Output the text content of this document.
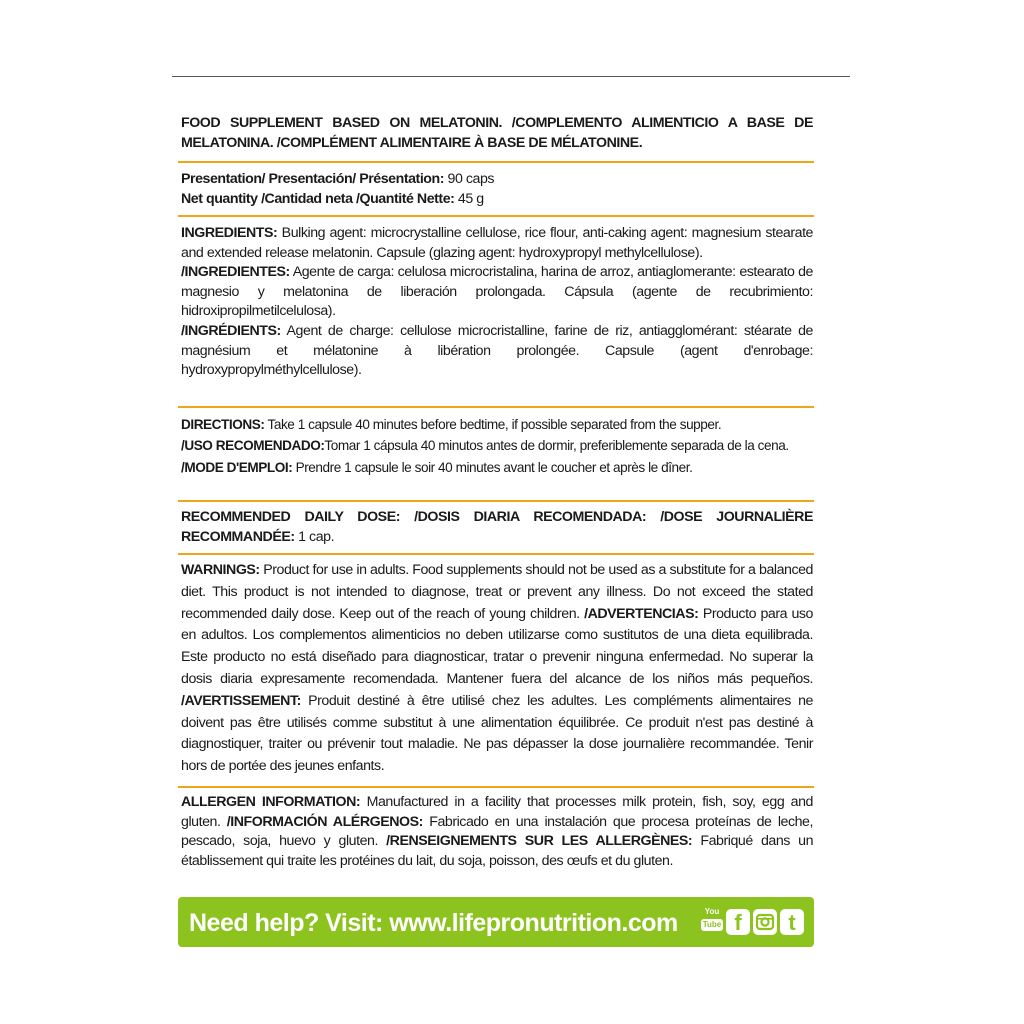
FOOD SUPPLEMENT BASED ON MELATONIN. /COMPLEMENTO ALIMENTICIO A BASE DE MELATONINA. /COMPLÉMENT ALIMENTAIRE À BASE DE MÉLATONINE.
Presentation/ Presentación/ Présentation: 90 caps
Net quantity /Cantidad neta /Quantité Nette: 45 g
INGREDIENTS: Bulking agent: microcrystalline cellulose, rice flour, anti-caking agent: magnesium stearate and extended release melatonin. Capsule (glazing agent: hydroxypropyl methylcellulose).
/INGREDIENTES: Agente de carga: celulosa microcristalina, harina de arroz, antiaglomerante: estearato de magnesio y melatonina de liberación prolongada. Cápsula (agente de recubrimiento: hidroxipropilmetilcelulosa).
/INGRÉDIENTS: Agent de charge: cellulose microcristalline, farine de riz, antiagglomérant: stéarate de magnésium et mélatonine à libération prolongée. Capsule (agent d'enrobage: hydroxypropylméthylcellulose).
DIRECTIONS: Take 1 capsule 40 minutes before bedtime, if possible separated from the supper.
/USO RECOMENDADO:Tomar 1 cápsula 40 minutos antes de dormir, preferiblemente separada de la cena.
/MODE D'EMPLOI: Prendre 1 capsule le soir 40 minutes avant le coucher et après le dîner.
RECOMMENDED DAILY DOSE: /DOSIS DIARIA RECOMENDADA: /DOSE JOURNALIÈRE RECOMMANDÉE: 1 cap.
WARNINGS: Product for use in adults. Food supplements should not be used as a substitute for a balanced diet. This product is not intended to diagnose, treat or prevent any illness. Do not exceed the stated recommended daily dose. Keep out of the reach of young children. /ADVERTENCIAS: Producto para uso en adultos. Los complementos alimenticios no deben utilizarse como sustitutos de una dieta equilibrada. Este producto no está diseñado para diagnosticar, tratar o prevenir ninguna enfermedad. No superar la dosis diaria expresamente recomendada. Mantener fuera del alcance de los niños más pequeños. /AVERTISSEMENT: Produit destiné à être utilisé chez les adultes. Les compléments alimentaires ne doivent pas être utilisés comme substitut à une alimentation équilibrée. Ce produit n'est pas destiné à diagnostiquer, traiter ou prévenir tout maladie. Ne pas dépasser la dose journalière recommandée. Tenir hors de portée des jeunes enfants.
ALLERGEN INFORMATION: Manufactured in a facility that processes milk protein, fish, soy, egg and gluten. /INFORMACIÓN ALÉRGENOS: Fabricado en una instalación que procesa proteínas de leche, pescado, soja, huevo y gluten. /RENSEIGNEMENTS SUR LES ALLERGÈNES: Fabriqué dans un établissement qui traite les protéines du lait, du soja, poisson, des œufs et du gluten.
Need help? Visit: www.lifepronutrition.com	You
Tube f	t
